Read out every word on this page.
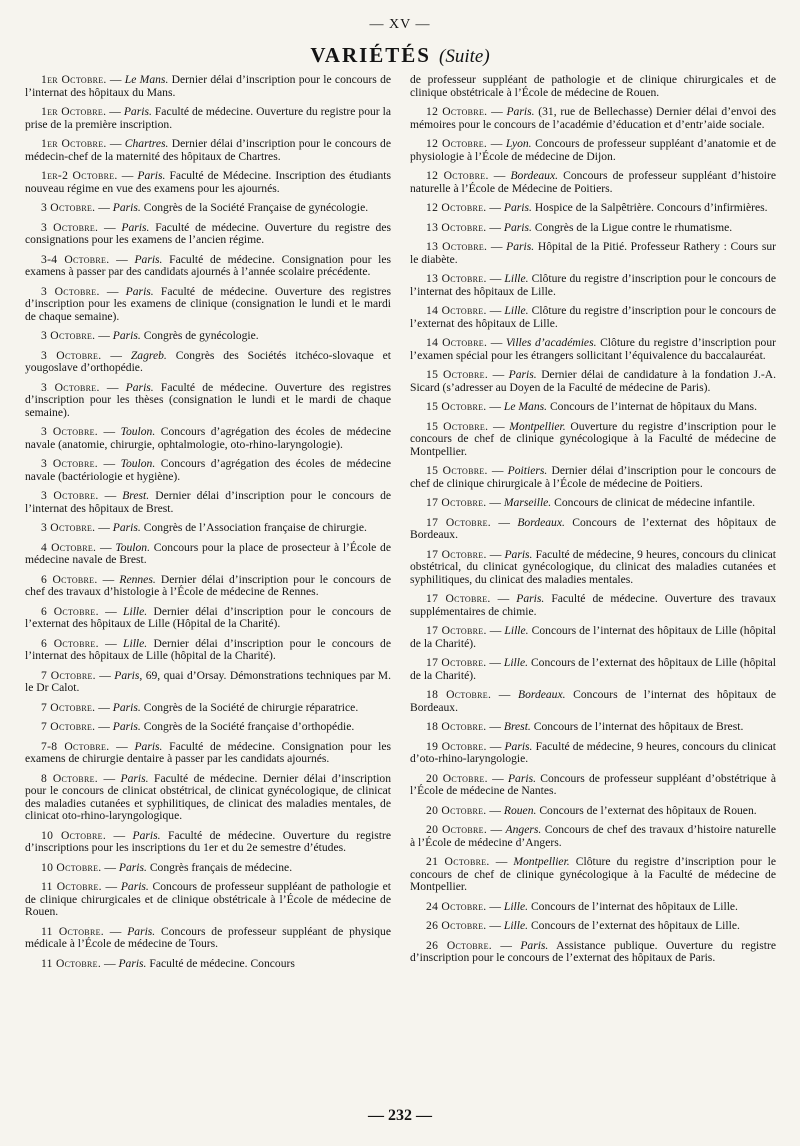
— XV —
VARIÉTÉS (Suite)

1er Octobre. — Le Mans. Dernier délai d’inscription pour le concours de l’internat des hôpitaux du Mans.

1er Octobre. — Paris. Faculté de médecine. Ouverture du registre pour la prise de la première inscription.

1er Octobre. — Chartres. Dernier délai d’inscription pour le concours de médecin-chef de la maternité des hôpitaux de Chartres.

1er-2 Octobre. — Paris. Faculté de Médecine. Inscription des étudiants nouveau régime en vue des examens pour les ajournés.

3 Octobre. — Paris. Congrès de la Société Française de gynécologie.

3 Octobre. — Paris. Faculté de médecine. Ouverture du registre des consignations pour les examens de l’ancien régime.

3-4 Octobre. — Paris. Faculté de médecine. Consignation pour les examens à passer par des candidats ajournés à l’année scolaire précédente.

3 Octobre. — Paris. Faculté de médecine. Ouverture des registres d’inscription pour les examens de clinique (consignation le lundi et le mardi de chaque semaine).

3 Octobre. — Paris. Congrès de gynécologie.

3 Octobre. — Zagreb. Congrès des Sociétés itchéco-slovaque et yougoslave d’orthopédie.

3 Octobre. — Paris. Faculté de médecine. Ouverture des registres d’inscription pour les thèses (consignation le lundi et le mardi de chaque semaine).

3 Octobre. — Toulon. Concours d’agrégation des écoles de médecine navale (anatomie, chirurgie, ophtalmologie, oto-rhino-laryngologie).

3 Octobre. — Toulon. Concours d’agrégation des écoles de médecine navale (bactériologie et hygiène).

3 Octobre. — Brest. Dernier délai d’inscription pour le concours de l’internat des hôpitaux de Brest.

3 Octobre. — Paris. Congrès de l’Association française de chirurgie.

4 Octobre. — Toulon. Concours pour la place de prosecteur à l’École de médecine navale de Brest.

6 Octobre. — Rennes. Dernier délai d’inscription pour le concours de chef des travaux d’histologie à l’École de médecine de Rennes.

6 Octobre. — Lille. Dernier délai d’inscription pour le concours de l’externat des hôpitaux de Lille (Hôpital de la Charité).

6 Octobre. — Lille. Dernier délai d’inscription pour le concours de l’internat des hôpitaux de Lille (hôpital de la Charité).

7 Octobre. — Paris, 69, quai d’Orsay. Démonstrations techniques par M. le Dr Calot.

7 Octobre. — Paris. Congrès de la Société de chirurgie réparatrice.

7 Octobre. — Paris. Congrès de la Société française d’orthopédie.

7-8 Octobre. — Paris. Faculté de médecine. Consignation pour les examens de chirurgie dentaire à passer par les candidats ajournés.

8 Octobre. — Paris. Faculté de médecine. Dernier délai d’inscription pour le concours de clinicat obstétrical, de clinicat gynécologique, de clinicat des maladies cutanées et syphilitiques, de clinicat des maladies mentales, de clinicat oto-rhino-laryngologique.

10 Octobre. — Paris. Faculté de médecine. Ouverture du registre d’inscriptions pour les inscriptions du 1er et du 2e semestre d’études.

10 Octobre. — Paris. Congrès français de médecine.

11 Octobre. — Paris. Concours de professeur suppléant de pathologie et de clinique chirurgicales et de clinique obstétricale à l’École de médecine de Rouen.

11 Octobre. — Paris. Concours de professeur suppléant de physique médicale à l’École de médecine de Tours.

11 Octobre. — Paris. Faculté de médecine. Concours

de professeur suppléant de pathologie et de clinique chirurgicales et de clinique obstétricale à l’École de médecine de Rouen.

12 Octobre. — Paris. (31, rue de Bellechasse) Dernier délai d’envoi des mémoires pour le concours de l’académie d’éducation et d’entr’aide sociale.

12 Octobre. — Lyon. Concours de professeur suppléant d’anatomie et de physiologie à l’École de médecine de Dijon.

12 Octobre. — Bordeaux. Concours de professeur suppléant d’histoire naturelle à l’École de Médecine de Poitiers.

12 Octobre. — Paris. Hospice de la Salpêtrière. Concours d’infirmières.

13 Octobre. — Paris. Congrès de la Ligue contre le rhumatisme.

13 Octobre. — Paris. Hôpital de la Pitié. Professeur Rathery : Cours sur le diabète.

13 Octobre. — Lille. Clôture du registre d’inscription pour le concours de l’internat des hôpitaux de Lille.

14 Octobre. — Lille. Clôture du registre d’inscription pour le concours de l’externat des hôpitaux de Lille.

14 Octobre. — Villes d’académies. Clôture du registre d’inscription pour l’examen spécial pour les étrangers sollicitant l’équivalence du baccalauréat.

15 Octobre. — Paris. Dernier délai de candidature à la fondation J.-A. Sicard (s’adresser au Doyen de la Faculté de médecine de Paris).

15 Octobre. — Le Mans. Concours de l’internat de hôpitaux du Mans.

15 Octobre. — Montpellier. Ouverture du registre d’inscription pour le concours de chef de clinique gynécologique à la Faculté de médecine de Montpellier.

15 Octobre. — Poitiers. Dernier délai d’inscription pour le concours de chef de clinique chirurgicale à l’École de médecine de Poitiers.

17 Octobre. — Marseille. Concours de clinicat de médecine infantile.

17 Octobre. — Bordeaux. Concours de l’externat des hôpitaux de Bordeaux.

17 Octobre. — Paris. Faculté de médecine, 9 heures, concours du clinicat obstétrical, du clinicat gynécologique, du clinicat des maladies cutanées et syphilitiques, du clinicat des maladies mentales.

17 Octobre. — Paris. Faculté de médecine. Ouverture des travaux supplémentaires de chimie.

17 Octobre. — Lille. Concours de l’internat des hôpitaux de Lille (hôpital de la Charité).

17 Octobre. — Lille. Concours de l’externat des hôpitaux de Lille (hôpital de la Charité).

18 Octobre. — Bordeaux. Concours de l’internat des hôpitaux de Bordeaux.

18 Octobre. — Brest. Concours de l’internat des hôpitaux de Brest.

19 Octobre. — Paris. Faculté de médecine, 9 heures, concours du clinicat d’oto-rhino-laryngologie.

20 Octobre. — Paris. Concours de professeur suppléant d’obstétrique à l’École de médecine de Nantes.

20 Octobre. — Rouen. Concours de l’externat des hôpitaux de Rouen.

20 Octobre. — Angers. Concours de chef des travaux d’histoire naturelle à l’École de médecine d’Angers.

21 Octobre. — Montpellier. Clôture du registre d’inscription pour le concours de chef de clinique gynécologique à la Faculté de médecine de Montpellier.

24 Octobre. — Lille. Concours de l’internat des hôpitaux de Lille.

26 Octobre. — Lille. Concours de l’externat des hôpitaux de Lille.

26 Octobre. — Paris. Assistance publique. Ouverture du registre d’inscription pour le concours de l’externat des hôpitaux de Paris.

— 232 —
